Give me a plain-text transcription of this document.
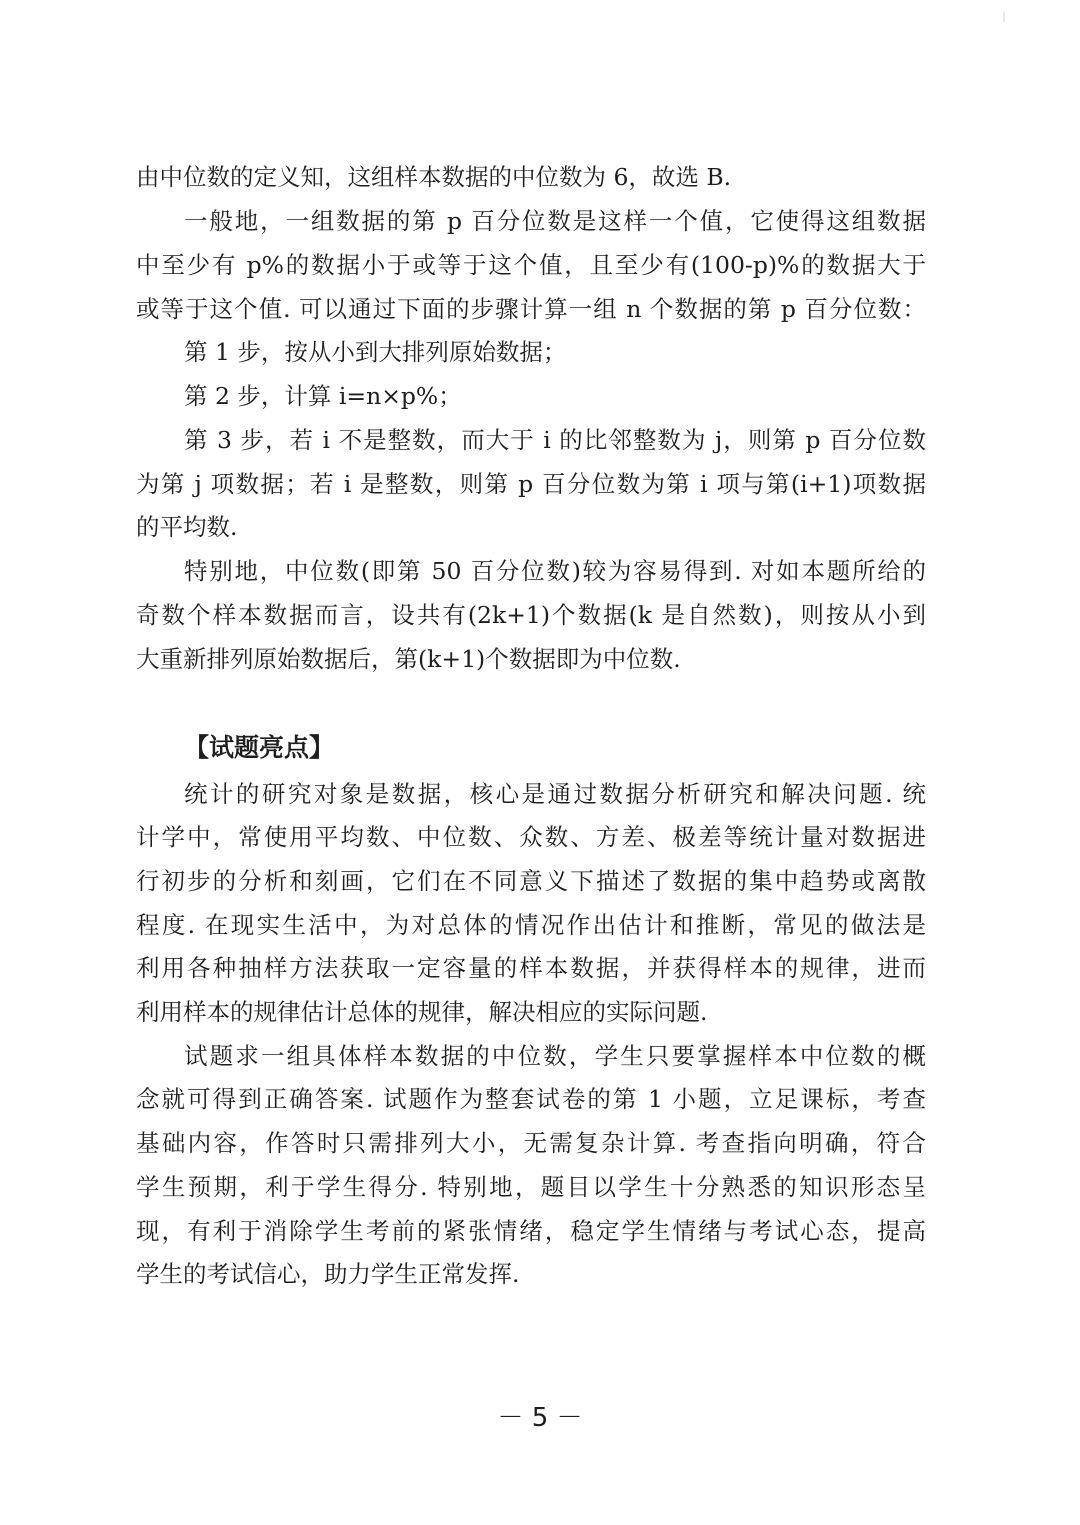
由中位数的定义知，这组样本数据的中位数为 6，故选 B.
一般地，一组数据的第 p 百分位数是这样一个值，它使得这组数据
中至少有 p%的数据小于或等于这个值，且至少有(100-p)%的数据大于
或等于这个值. 可以通过下面的步骤计算一组 n 个数据的第 p 百分位数：
第 1 步，按从小到大排列原始数据；
第 2 步，计算 i=n×p%；
第 3 步，若 i 不是整数，而大于 i 的比邻整数为 j，则第 p 百分位数
为第 j 项数据；若 i 是整数，则第 p 百分位数为第 i 项与第(i+1)项数据
的平均数.
特别地，中位数(即第 50 百分位数)较为容易得到. 对如本题所给的
奇数个样本数据而言，设共有(2k+1)个数据(k 是自然数)，则按从小到
大重新排列原始数据后，第(k+1)个数据即为中位数.
【试题亮点】
统计的研究对象是数据，核心是通过数据分析研究和解决问题. 统
计学中，常使用平均数、中位数、众数、方差、极差等统计量对数据进
行初步的分析和刻画，它们在不同意义下描述了数据的集中趋势或离散
程度. 在现实生活中，为对总体的情况作出估计和推断，常见的做法是
利用各种抽样方法获取一定容量的样本数据，并获得样本的规律，进而
利用样本的规律估计总体的规律，解决相应的实际问题.
试题求一组具体样本数据的中位数，学生只要掌握样本中位数的概
念就可得到正确答案. 试题作为整套试卷的第 1 小题，立足课标，考查
基础内容，作答时只需排列大小，无需复杂计算. 考查指向明确，符合
学生预期，利于学生得分. 特别地，题目以学生十分熟悉的知识形态呈
现，有利于消除学生考前的紧张情绪，稳定学生情绪与考试心态，提高
学生的考试信心，助力学生正常发挥.
－ 5 －
